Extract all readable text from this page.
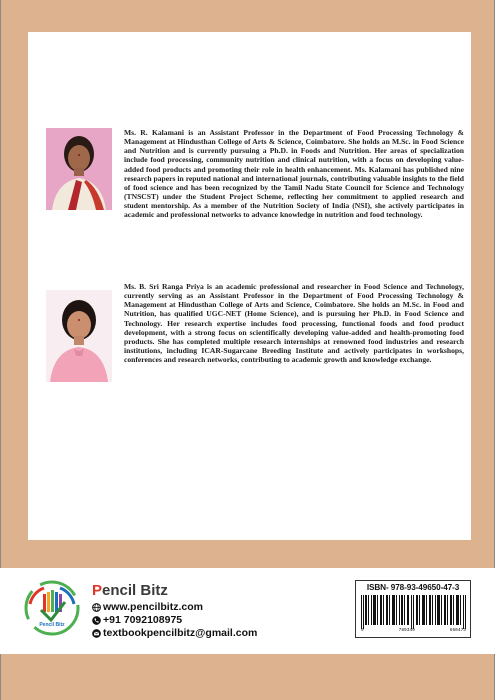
Ms. R. Kalamani is an Assistant Professor in the Department of Food Processing Technology & Management at Hindusthan College of Arts & Science, Coimbatore. She holds an M.Sc. in Food Science and Nutrition and is currently pursuing a Ph.D. in Foods and Nutrition. Her areas of specialization include food processing, community nutrition and clinical nutrition, with a focus on developing value-added food products and promoting their role in health enhancement. Ms. Kalamani has published nine research papers in reputed national and international journals, contributing valuable insights to the field of food science and has been recognized by the Tamil Nadu State Council for Science and Technology (TNSCST) under the Student Project Scheme, reflecting her commitment to applied research and student mentorship. As a member of the Nutrition Society of India (NSI), she actively participates in academic and professional networks to advance knowledge in nutrition and food technology.

Ms. B. Sri Ranga Priya is an academic professional and researcher in Food Science and Technology, currently serving as an Assistant Professor in the Department of Food Processing Technology & Management at Hindusthan College of Arts and Science, Coimbatore. She holds an M.Sc. in Food and Nutrition, has qualified UGC-NET (Home Science), and is pursuing her Ph.D. in Food Science and Technology. Her research expertise includes food processing, functional foods and food product development, with a strong focus on scientifically developing value-added and health-promoting food products. She has completed multiple research internships at renowned food industries and research institutions, including ICAR-Sugarcane Breeding Institute and actively participates in workshops, conferences and research networks, contributing to academic growth and knowledge exchange.

Pencil Bitz

Pencil Bitz

www.pencilbitz.com
+91 7092108975
textbookpencilbitz@gmail.com
ISBN- 978-93-49650-47-3
9	789349	650473
